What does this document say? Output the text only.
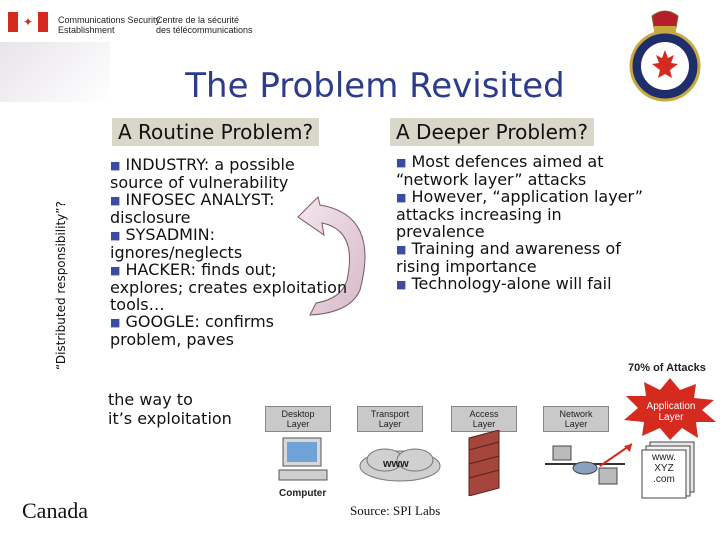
✦	Communications Security
Establishment
Centre de la sécurité
des télécommunications
The Problem Revisited
A Routine Problem?	A Deeper Problem?
“Distributed responsibility”?
■ INDUSTRY: a possible
source of vulnerability
■ INFOSEC ANALYST:
disclosure
■ SYSADMIN:
ignores/neglects
■ HACKER: finds out;
explores; creates exploitation
tools…
■ GOOGLE: confirms
problem, paves
the way to
it’s exploitation
■ Most defences aimed at
“network layer” attacks
■ However, “application layer”
attacks increasing in
prevalence
■ Training and awareness of
rising importance
■ Technology-alone will fail
Desktop
Layer
Transport
Layer
Access
Layer
Network
Layer
Computer
www
70% of Attacks
Application
Layer
www.
XYZ
.com
Canada	Source: SPI Labs
